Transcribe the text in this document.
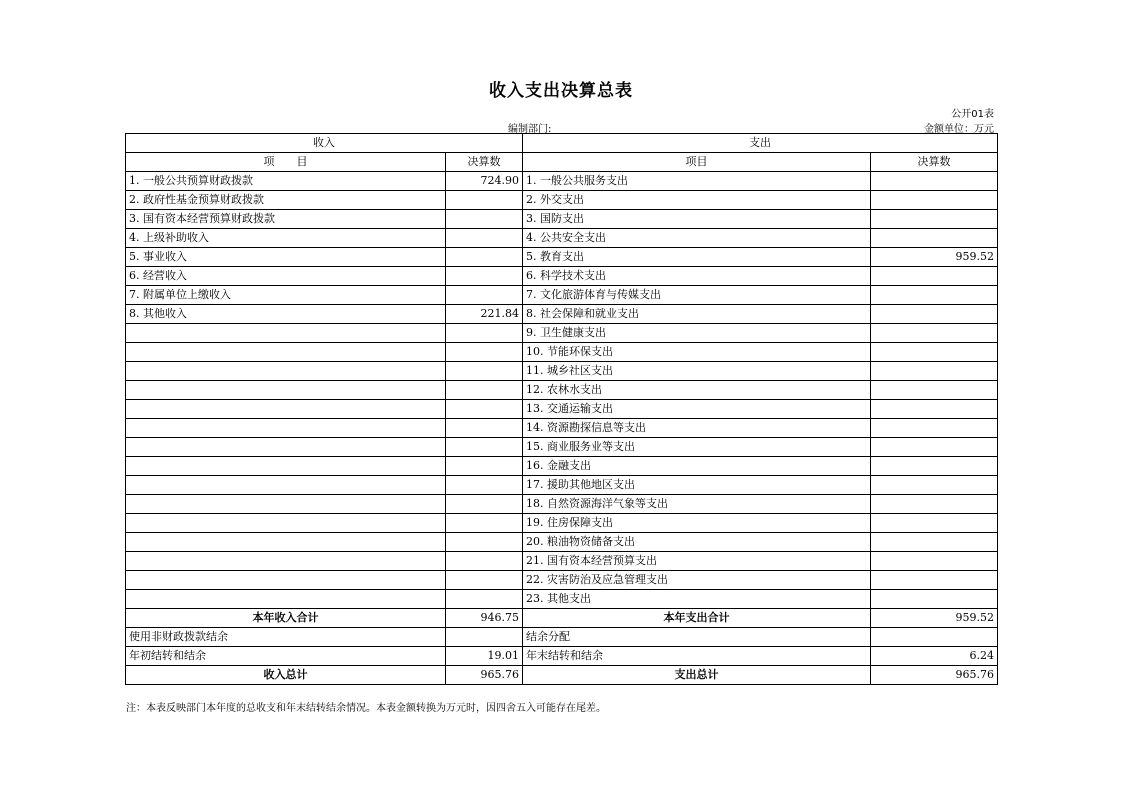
收入支出决算总表
公开01表
编制部门:	金额单位：万元
收入		支出	
项　　目	决算数	项目	决算数
1. 一般公共预算财政拨款	724.90	1. 一般公共服务支出	
2. 政府性基金预算财政拨款		2. 外交支出	
3. 国有资本经营预算财政拨款		3. 国防支出	
4. 上级补助收入		4. 公共安全支出	
5. 事业收入		5. 教育支出	959.52
6. 经营收入		6. 科学技术支出	
7. 附属单位上缴收入		7. 文化旅游体育与传媒支出	
8. 其他收入	221.84	8. 社会保障和就业支出	
		9. 卫生健康支出	
		10. 节能环保支出	
		11. 城乡社区支出	
		12. 农林水支出	
		13. 交通运输支出	
		14. 资源勘探信息等支出	
		15. 商业服务业等支出	
		16. 金融支出	
		17. 援助其他地区支出	
		18. 自然资源海洋气象等支出	
		19. 住房保障支出	
		20. 粮油物资储备支出	
		21. 国有资本经营预算支出	
		22. 灾害防治及应急管理支出	
		23. 其他支出	
本年收入合计	946.75	本年支出合计	959.52
使用非财政拨款结余		结余分配	
年初结转和结余	19.01	年末结转和结余	6.24
收入总计	965.76	支出总计	965.76
注：本表反映部门本年度的总收支和年末结转结余情况。本表金额转换为万元时，因四舍五入可能存在尾差。
